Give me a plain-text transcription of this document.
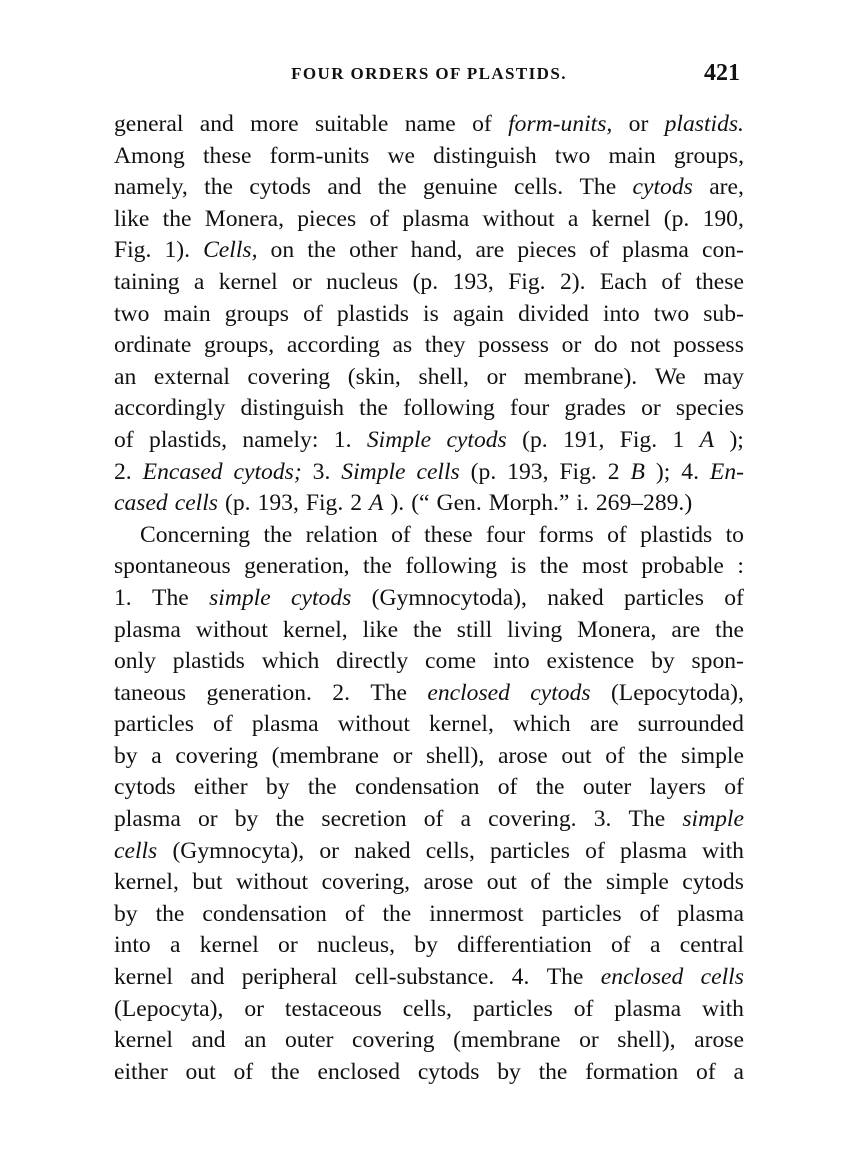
FOUR ORDERS OF PLASTIDS.	421
general and more suitable name of form-units, or plastids.
Among these form-units we distinguish two main groups,
namely, the cytods and the genuine cells. The cytods are,
like the Monera, pieces of plasma without a kernel (p. 190,
Fig. 1). Cells, on the other hand, are pieces of plasma con-
taining a kernel or nucleus (p. 193, Fig. 2). Each of these
two main groups of plastids is again divided into two sub-
ordinate groups, according as they possess or do not possess
an external covering (skin, shell, or membrane). We may
accordingly distinguish the following four grades or species
of plastids, namely: 1. Simple cytods (p. 191, Fig. 1 A );
2. Encased cytods; 3. Simple cells (p. 193, Fig. 2 B ); 4. En-
cased cells (p. 193, Fig. 2 A ). (“ Gen. Morph.” i. 269–289.)
Concerning the relation of these four forms of plastids to
spontaneous generation, the following is the most probable :
1. The simple cytods (Gymnocytoda), naked particles of
plasma without kernel, like the still living Monera, are the
only plastids which directly come into existence by spon-
taneous generation. 2. The enclosed cytods (Lepocytoda),
particles of plasma without kernel, which are surrounded
by a covering (membrane or shell), arose out of the simple
cytods either by the condensation of the outer layers of
plasma or by the secretion of a covering. 3. The simple
cells (Gymnocyta), or naked cells, particles of plasma with
kernel, but without covering, arose out of the simple cytods
by the condensation of the innermost particles of plasma
into a kernel or nucleus, by differentiation of a central
kernel and peripheral cell-substance. 4. The enclosed cells
(Lepocyta), or testaceous cells, particles of plasma with
kernel and an outer covering (membrane or shell), arose
either out of the enclosed cytods by the formation of a
